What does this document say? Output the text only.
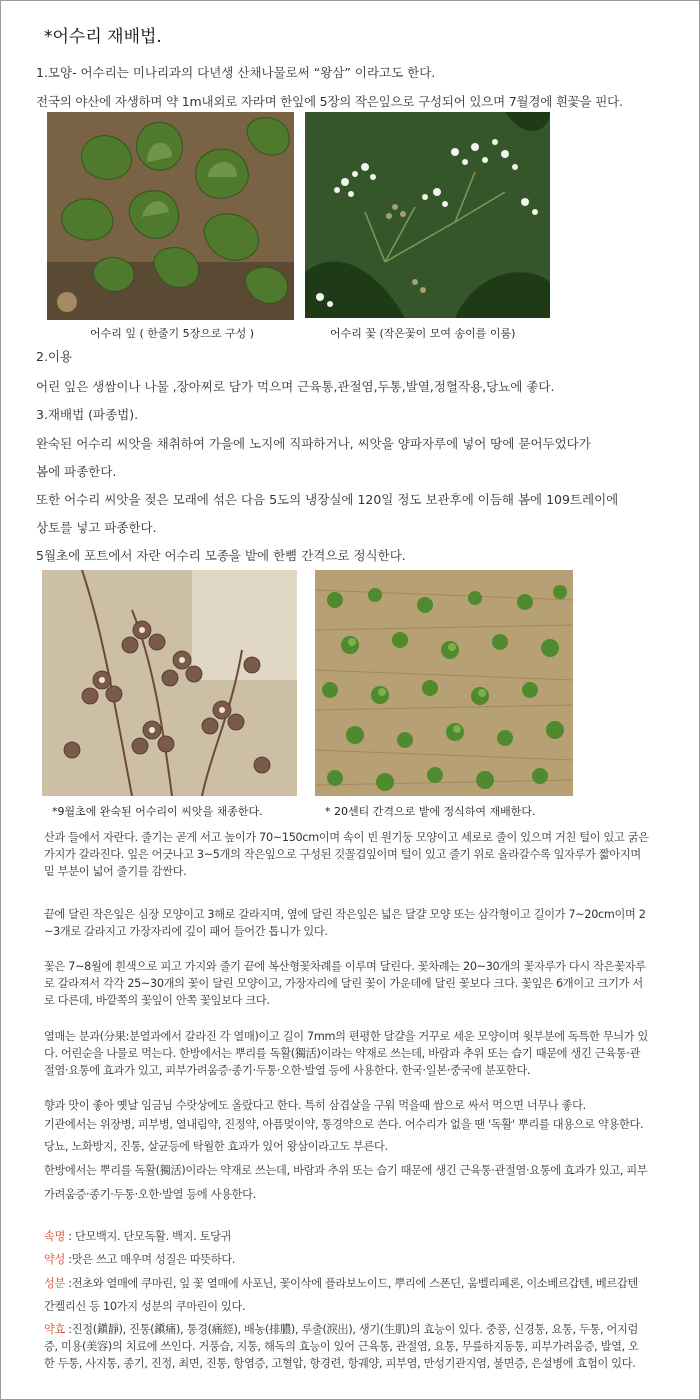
*어수리 재배법.
1.모양- 어수리는 미나리과의 다년생 산채나물로써 “왕삼” 이라고도 한다.
전국의 야산에 자생하며 약 1m내외로 자라며 한잎에 5장의 작은잎으로 구성되어 있으며 7월경에 흰꽃을 핀다.
어수리 잎 ( 한줄기 5장으로 구성 )	어수리 꽃 (작은꽃이 모여 송이를 이룸)
2.이용
어린 잎은 생쌈이나 나물 ,장아찌로 담가 먹으며 근육통,관절염,두통,발열,정혈작용,당뇨에 좋다.
3.재배법 (파종법).
완숙된 어수리 씨앗을 채취하여 가을에 노지에 직파하거나, 씨앗을 양파자루에 넣어 땅에 묻어두었다가
봄에 파종한다.
또한 어수리 씨앗을 젖은 모래에 섞은 다음 5도의 냉장실에 120일 정도 보관후에 이듬해 봄에 109트레이에
상토를 넣고 파종한다.
5월초에 포트에서 자란 어수리 모종을 밭에 한뼘 간격으로 정식한다.
*9월초에 완숙된 어수리이 씨앗을 채종한다.	* 20센티 간격으로 밭에 정식하여 재배한다.
산과 들에서 자란다. 줄기는 곧게 서고 높이가 70~150cm이며 속이 빈 원기둥 모양이고 세로로 줄이 있으며 거친 털이 있고 굵은
가지가 갈라진다. 잎은 어긋나고 3~5개의 작은잎으로 구성된 깃꼴겹잎이며 털이 있고 줄기 위로 올라갈수록 잎자루가 짧아지며
밑 부분이 넓어 줄기를 감싼다.
끝에 달린 작은잎은 심장 모양이고 3해로 갈라지며, 옆에 달린 작은잎은 넓은 달걀 모양 또는 삼각형이고 길이가 7~20cm이며 2
~3개로 갈라지고 가장자리에 깊이 패어 들어간 톱니가 있다.
꽃은 7~8월에 흰색으로 피고 가지와 줄기 끝에 복산형꽃차례를 이루며 달린다. 꽃차례는 20~30개의 꽃자루가 다시 작은꽃자루
로 갈라져서 각각 25~30개의 꽃이 달린 모양이고, 가장자리에 달린 꽃이 가운데에 달린 꽃보다 크다. 꽃잎은 6개이고 크기가 서
로 다른데, 바깥쪽의 꽃잎이 안쪽 꽃잎보다 크다.
열매는 분과(分果:분열과에서 갈라진 각 열매)이고 길이 7mm의 편평한 달걀을 거꾸로 세운 모양이며 윗부분에 독특한 무늬가 있
다. 어린순을 나물로 먹는다. 한방에서는 뿌리를 독활(獨活)이라는 약재로 쓰는데, 바람과 추위 또는 습기 때문에 생긴 근육통·관
절염·요통에 효과가 있고, 피부가려움증·종기·두통·오한·발열 등에 사용한다. 한국·일본·중국에 분포한다.
향과 맛이 좋아 옛날 임금님 수랏상에도 올랐다고 한다. 특히 삼겹살을 구워 먹을때 쌈으로 싸서 먹으면 너무나 좋다.
기관에서는 위장병, 피부병, 열내림약, 진정약, 아픔멎이약, 통경약으로 쓴다. 어수리가 없을 땐 '독활' 뿌리를 대용으로 약용한다.
당뇨, 노화방지, 진통, 살균등에 탁월한 효과가 있어 왕삼이라고도 부른다.
한방에서는 뿌리를 독활(獨活)이라는 약재로 쓰는데, 바람과 추위 또는 습기 때문에 생긴 근육통·관절염·요통에 효과가 있고, 피부
가려움증·종기·두통·오한·발열 등에 사용한다.
속명 : 단모백지. 단모독활. 백지. 토당귀
약성 :맛은 쓰고 매우며 성질은 따뜻하다.
성분 :전초와 열매에 쿠마린, 잎 꽃 열매에 사포닌, 꽃이삭에 플라보노이드, 뿌리에 스폰딘, 움벨리페론, 이소베르갑텐, 베르갑텐
간켈리신 등 10가지 성분의 쿠마린이 있다.
약효 :진정(鎭靜), 진통(鎭痛), 통경(痛經), 배농(排膿), 루출(淚出), 생기(生肌)의 효능이 있다. 중풍, 신경통, 요통, 두통, 어지럼
증, 미용(美容)의 치료에 쓰인다. 거풍습, 지통, 해독의 효능이 있어 근육통, 관절염, 요통, 무릎하지동통, 피부가려움증, 발열, 오
한 두통, 사지통, 종기, 진정, 최면, 진통, 항염증, 고혈압, 항경련, 항궤양, 피부염, 만성기관지염, 불면증, 은설병에 효험이 있다.
